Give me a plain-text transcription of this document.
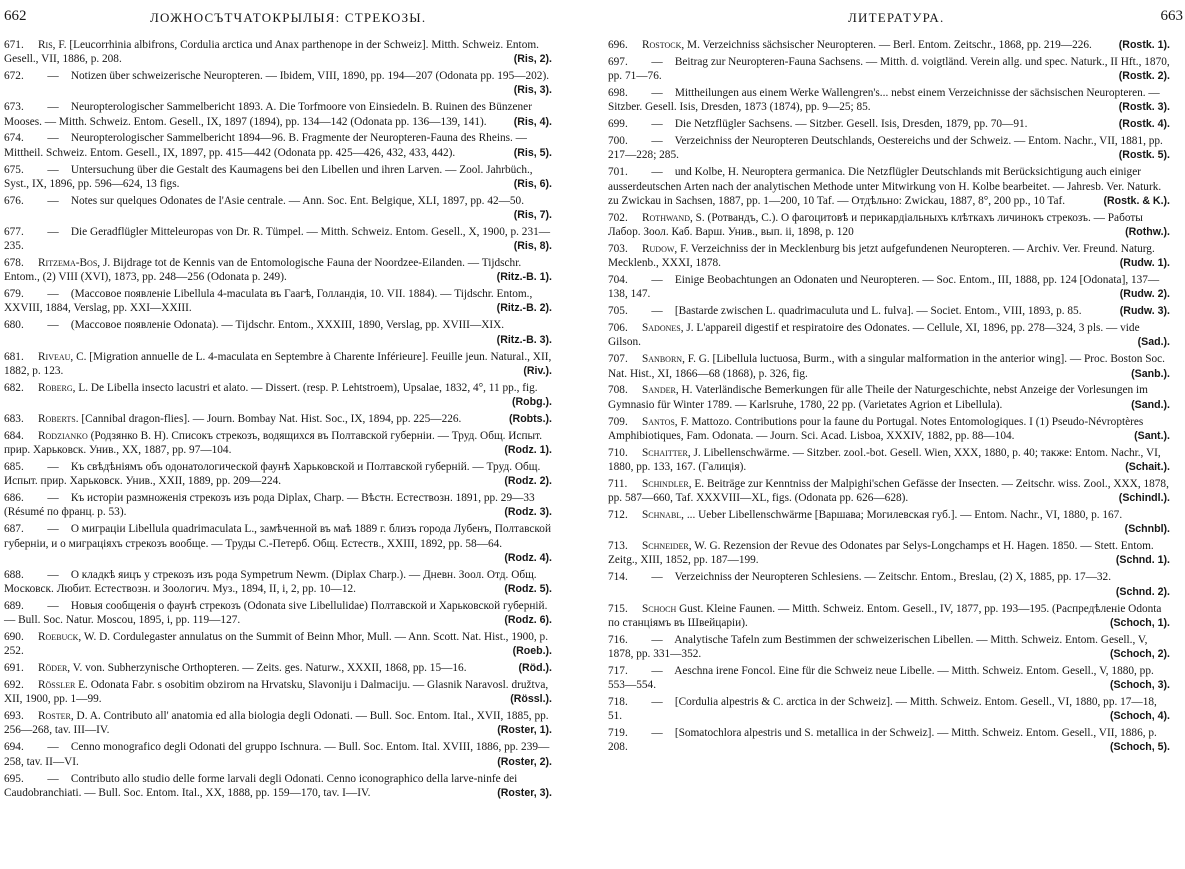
662	ЛОЖНОСЪТЧАТОКРЫЛЫЯ: СТРЕКОЗЫ.
671. Ris, F. [Leucorrhinia albifrons, Cordulia arctica und Anax parthenope in der Schweiz]. Mitth. Schweiz. Entom. Gesell., VII, 1886, p. 208.	(Ris, 2).
672. — Notizen über schweizerische Neuropteren. — Ibidem, VIII, 1890, pp. 194—207 (Odonata pp. 195—202).
(Ris, 3).
673. — Neuropterologischer Sammelbericht 1893. A. Die Torfmoore von Einsiedeln. B. Ruinen des Bünzener Mooses. — Mitth. Schweiz. Entom. Gesell., IX, 1897 (1894), pp. 134—142 (Odonata pp. 136—139, 141).	(Ris, 4).
674. — Neuropterologischer Sammelbericht 1894—96. B. Fragmente der Neuropteren-Fauna des Rheins. — Mittheil. Schweiz. Entom. Gesell., IX, 1897, pp. 415—442 (Odonata pp. 425—426, 432, 433, 442).	(Ris, 5).
675. — Untersuchung über die Gestalt des Kaumagens bei den Libellen und ihren Larven. — Zool. Jahrbüch., Syst., IX, 1896, pp. 596—624, 13 figs.	(Ris, 6).
676. — Notes sur quelques Odonates de l'Asie centrale. — Ann. Soc. Ent. Belgique, XLI, 1897, pp. 42—50.
(Ris, 7).
677. — Die Geradflügler Mitteleuropas von Dr. R. Tümpel. — Mitth. Schweiz. Entom. Gesell., X, 1900, p. 231—235.	(Ris, 8).
678. Ritzema-Bos, J. Bijdrage tot de Kennis van de Entomologische Fauna der Noordzee-Eilanden. — Tijdschr. Entom., (2) VIII (XVI), 1873, pp. 248—256 (Odonata p. 249).	(Ritz.-B. 1).
679. — (Массовое появленіе Libellula 4-maculata въ Гаагѣ, Голландія, 10. VII. 1884). — Tijdschr. Entom., XXVIII, 1884, Verslag, pp. XXI—XXIII.	(Ritz.-B. 2).
680. — (Массовое появленіе Odonata). — Tijdschr. Entom., XXXIII, 1890, Verslag, pp. XVIII—XIX.
(Ritz.-B. 3).
681. Riveau, C. [Migration annuelle de L. 4-maculata en Septembre à Charente Inférieure]. Feuille jeun. Natural., XII, 1882, p. 123.	(Riv.).
682. Roberg, L. De Libella insecto lacustri et alato. — Dissert. (resp. P. Lehtstroem), Upsalae, 1832, 4°, 11 pp., fig.
(Robg.).
683. Roberts. [Cannibal dragon-flies]. — Journ. Bombay Nat. Hist. Soc., IX, 1894, pp. 225—226.	(Robts.).
684. Rodzianko (Родзянко В. Н). Списокъ стрекозъ, водящихся въ Полтавской губерніи. — Труд. Общ. Испыт. прир. Харьковск. Унив., XX, 1887, pp. 97—104.	(Rodz. 1).
685. — Къ свѣдѣніямъ объ одонатологической фаунѣ Харьковской и Полтавской губерній. — Труд. Общ. Испыт. прир. Харьковск. Унив., XXII, 1889, pp. 209—224.	(Rodz. 2).
686. — Къ исторіи размноженія стрекозъ изъ рода Diplax, Charp. — Вѣстн. Естествозн. 1891, pp. 29—33 (Résumé по франц. р. 53).	(Rodz. 3).
687. — О миграціи Libellula quadrimaculata L., замѣченной въ маѣ 1889 г. близъ города Лубенъ, Полтавской губерніи, и о миграціяхъ стрекозъ вообще. — Труды С.-Петерб. Общ. Естеств., XXIII, 1892, pp. 58—64.
(Rodz. 4).
688. — О кладкѣ яицъ у стрекозъ изъ рода Sympetrum Newm. (Diplax Charp.). — Дневн. Зоол. Отд. Общ. Московск. Любит. Естествозн. и Зоологич. Муз., 1894, II, i, 2, pp. 10—12.	(Rodz. 5).
689. — Новыя сообщенія о фаунѣ стрекозъ (Odonata sive Libellulidae) Полтавской и Харьковской губерній. — Bull. Soc. Natur. Moscou, 1895, i, pp. 119—127.	(Rodz. 6).
690. Roebuck, W. D. Cordulegaster annulatus on the Summit of Beinn Mhor, Mull. — Ann. Scott. Nat. Hist., 1900, p. 252.	(Roeb.).
691. Röder, V. von. Subherzynische Orthopteren. — Zeits. ges. Naturw., XXXII, 1868, pp. 15—16.	(Röd.).
692. Rössler E. Odonata Fabr. s osobitim obzirom na Hrvatsku, Slavoniju i Dalmaciju. — Glasnik Naravosl. družtva, XII, 1900, pp. 1—99.	(Rössl.).
693. Roster, D. A. Contributo all' anatomia ed alla biologia degli Odonati. — Bull. Soc. Entom. Ital., XVII, 1885, pp. 256—268, tav. III—IV.	(Roster, 1).
694. — Cenno monografico degli Odonati del gruppo Ischnura. — Bull. Soc. Entom. Ital. XVIII, 1886, pp. 239—258, tav. II—VI.	(Roster, 2).
695. — Contributo allo studio delle forme larvali degli Odonati. Cenno iconographico della larve-ninfe dei Caudobranchiati. — Bull. Soc. Entom. Ital., XX, 1888, pp. 159—170, tav. I—IV.	(Roster, 3).
ЛИТЕРАТУРА.	663
696. Rostock, M. Verzeichniss sächsischer Neuropteren. — Berl. Entom. Zeitschr., 1868, pp. 219—226.	(Rostk. 1).
697. — Beitrag zur Neuropteren-Fauna Sachsens. — Mitth. d. voigtländ. Verein allg. und spec. Naturk., II Hft., 1870, pp. 71—76.	(Rostk. 2).
698. — Mittheilungen aus einem Werke Wallengren's... nebst einem Verzeichnisse der sächsischen Neuropteren. — Sitzber. Gesell. Isis, Dresden, 1873 (1874), pp. 9—25; 85.	(Rostk. 3).
699. — Die Netzflügler Sachsens. — Sitzber. Gesell. Isis, Dresden, 1879, pp. 70—91.	(Rostk. 4).
700. — Verzeichniss der Neuropteren Deutschlands, Oestereichs und der Schweiz. — Entom. Nachr., VII, 1881, pp. 217—228; 285.	(Rostk. 5).
701. — und Kolbe, H. Neuroptera germanica. Die Netzflügler Deutschlands mit Berücksichtigung auch einiger ausserdeutschen Arten nach der analytischen Methode unter Mitwirkung von H. Kolbe bearbeitet. — Jahresb. Ver. Naturk. zu Zwickau in Sachsen, 1887, pp. 1—200, 10 Taf. — Отдѣльно: Zwickau, 1887, 8°, 200 pp., 10 Taf.	(Rostk. & K.).
702. Rothwand, S. (Ротвандъ, С.). О фагоцитовѣ и перикардіальныхъ клѣткахъ личинокъ стрекозъ. — Работы Лабор. Зоол. Каб. Варш. Унив., вып. ii, 1898, p. 120	(Rothw.).
703. Rudow, F. Verzeichniss der in Mecklenburg bis jetzt aufgefundenen Neuropteren. — Archiv. Ver. Freund. Naturg. Mecklenb., XXXI, 1878.	(Rudw. 1).
704. — Einige Beobachtungen an Odonaten und Neuropteren. — Soc. Entom., III, 1888, pp. 124 [Odonata], 137—138, 147.	(Rudw. 2).
705. — [Bastarde zwischen L. quadrimaculuta und L. fulva]. — Societ. Entom., VIII, 1893, p. 85.	(Rudw. 3).
706. Sadones, J. L'appareil digestif et respiratoire des Odonates. — Cellule, XI, 1896, pp. 278—324, 3 pls. — vide Gilson.	(Sad.).
707. Sanborn, F. G. [Libellula luctuosa, Burm., with a singular malformation in the anterior wing]. — Proc. Boston Soc. Nat. Hist., XI, 1866—68 (1868), p. 326, fig.	(Sanb.).
708. Sander, H. Vaterländische Bemerkungen für alle Theile der Naturgeschichte, nebst Anzeige der Vorlesungen im Gymnasio für Winter 1789. — Karlsruhe, 1780, 22 pp. (Varietates Agrion et Libellula).	(Sand.).
709. Santos, F. Mattozo. Contributions pour la faune du Portugal. Notes Entomologiques. I (1) Pseudo-Névroptères Amphibiotiques, Fam. Odonata. — Journ. Sci. Acad. Lisboa, XXXIV, 1882, pp. 88—104.	(Sant.).
710. Schaitter, J. Libellenschwärme. — Sitzber. zool.-bot. Gesell. Wien, XXX, 1880, p. 40; также: Entom. Nachr., VI, 1880, pp. 133, 167. (Галиція).	(Schait.).
711. Schindler, E. Beiträge zur Kenntniss der Malpighi'schen Gefässe der Insecten. — Zeitschr. wiss. Zool., XXX, 1878, pp. 587—660, Taf. XXXVIII—XL, figs. (Odonata pp. 626—628).	(Schindl.).
712. Schnabl, ... Ueber Libellenschwärme [Варшава; Могилевская губ.]. — Entom. Nachr., VI, 1880, p. 167.
(Schnbl).
713. Schneider, W. G. Rezension der Revue des Odonates par Selys-Longchamps et H. Hagen. 1850. — Stett. Entom. Zeitg., XIII, 1852, pp. 187—199.	(Schnd. 1).
714. — Verzeichniss der Neuropteren Schlesiens. — Zeitschr. Entom., Breslau, (2) X, 1885, pp. 17—32.
(Schnd. 2).
715. Schoch Gust. Kleine Faunen. — Mitth. Schweiz. Entom. Gesell., IV, 1877, pp. 193—195. (Распредѣленіе Odonta по станціямъ въ Швейцаріи).	(Schoch, 1).
716. — Analytische Tafeln zum Bestimmen der schweizerischen Libellen. — Mitth. Schweiz. Entom. Gesell., V, 1878, pp. 331—352.	(Schoch, 2).
717. — Aeschna irene Foncol. Eine für die Schweiz neue Libelle. — Mitth. Schweiz. Entom. Gesell., V, 1880, pp. 553—554.	(Schoch, 3).
718. — [Cordulia alpestris & C. arctica in der Schweiz]. — Mitth. Schweiz. Entom. Gesell., VI, 1880, pp. 17—18, 51.	(Schoch, 4).
719. — [Somatochlora alpestris und S. metallica in der Schweiz]. — Mitth. Schweiz. Entom. Gesell., VII, 1886, p. 208.	(Schoch, 5).
